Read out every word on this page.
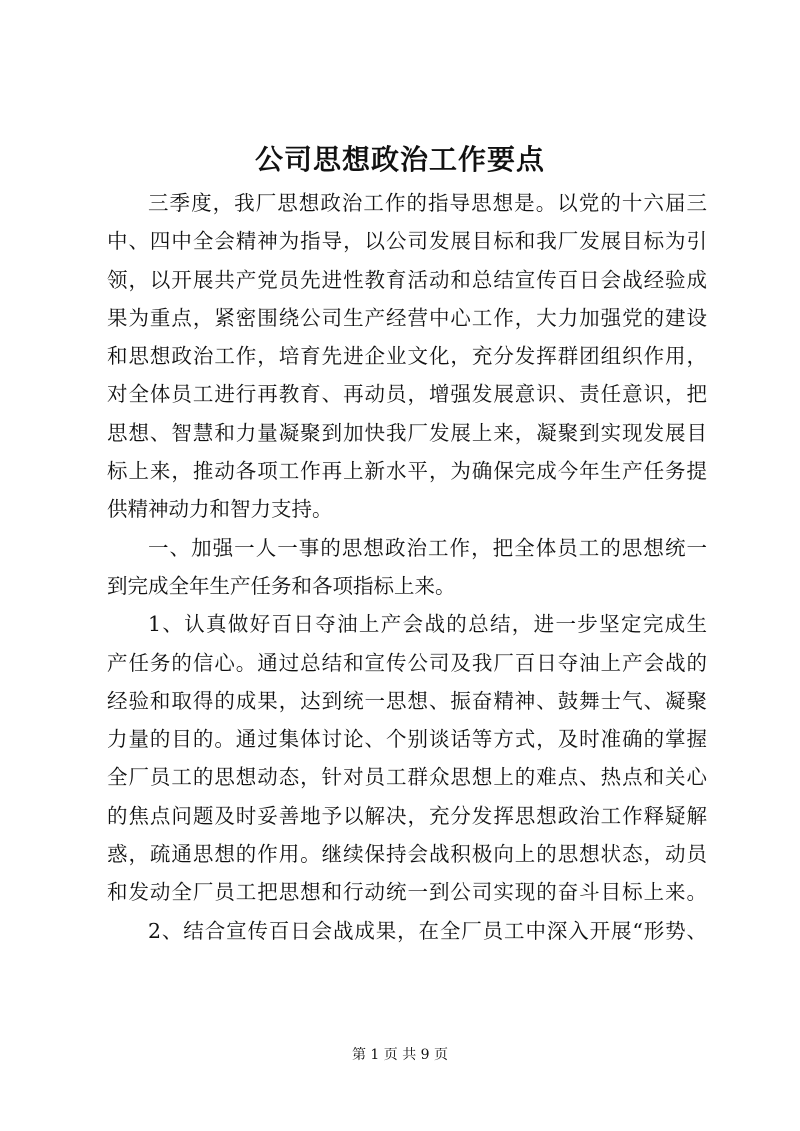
公司思想政治工作要点
三季度，我厂思想政治工作的指导思想是。以党的十六届三
中、四中全会精神为指导，以公司发展目标和我厂发展目标为引
领，以开展共产党员先进性教育活动和总结宣传百日会战经验成
果为重点，紧密围绕公司生产经营中心工作，大力加强党的建设
和思想政治工作，培育先进企业文化，充分发挥群团组织作用，
对全体员工进行再教育、再动员，增强发展意识、责任意识，把
思想、智慧和力量凝聚到加快我厂发展上来，凝聚到实现发展目
标上来，推动各项工作再上新水平，为确保完成今年生产任务提
供精神动力和智力支持。
一、加强一人一事的思想政治工作，把全体员工的思想统一
到完成全年生产任务和各项指标上来。
1、认真做好百日夺油上产会战的总结，进一步坚定完成生
产任务的信心。通过总结和宣传公司及我厂百日夺油上产会战的
经验和取得的成果，达到统一思想、振奋精神、鼓舞士气、凝聚
力量的目的。通过集体讨论、个别谈话等方式，及时准确的掌握
全厂员工的思想动态，针对员工群众思想上的难点、热点和关心
的焦点问题及时妥善地予以解决，充分发挥思想政治工作释疑解
惑，疏通思想的作用。继续保持会战积极向上的思想状态，动员
和发动全厂员工把思想和行动统一到公司实现的奋斗目标上来。
2、结合宣传百日会战成果，在全厂员工中深入开展“形势、
第 1 页 共 9 页
